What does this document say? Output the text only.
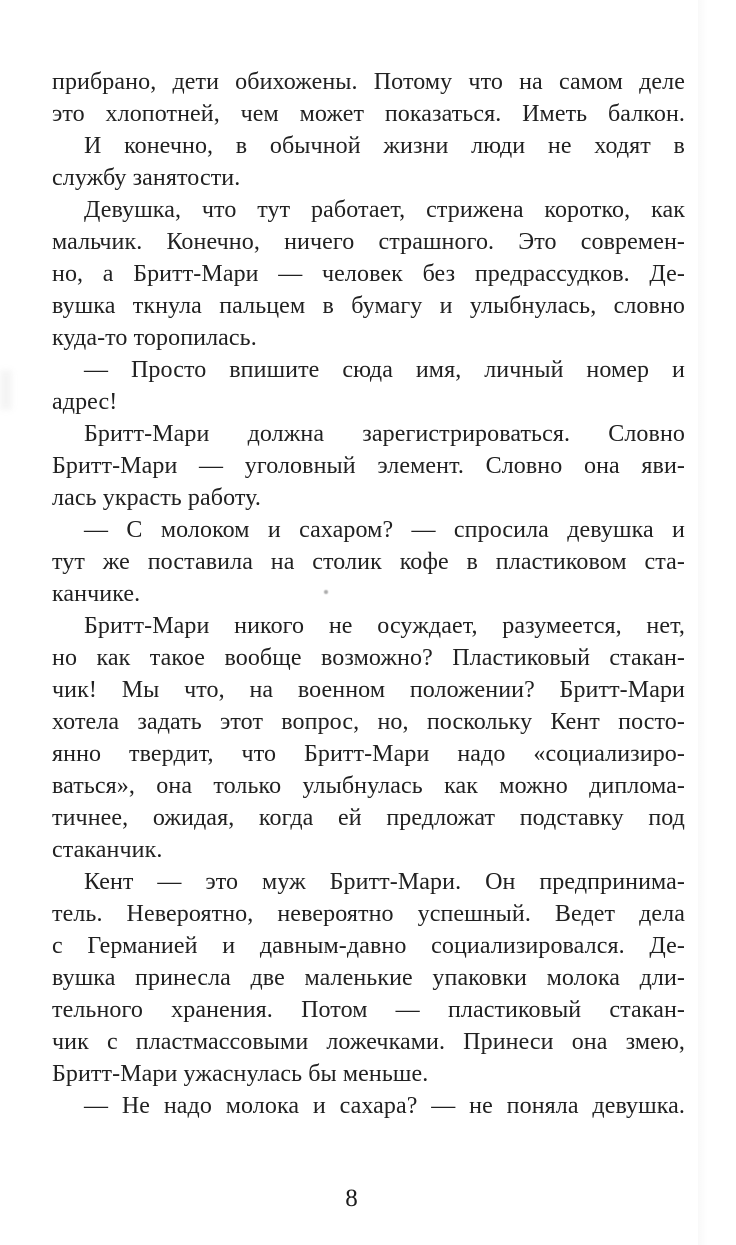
прибрано, дети обихожены. Потому что на самом деле
это хлопотней, чем может показаться. Иметь балкон.
И конечно, в обычной жизни люди не ходят в
службу занятости.
Девушка, что тут работает, стрижена коротко, как
мальчик. Конечно, ничего страшного. Это современ-
но, а Бритт-Мари — человек без предрассудков. Де-
вушка ткнула пальцем в бумагу и улыбнулась, словно
куда-то торопилась.
— Просто впишите сюда имя, личный номер и
адрес!
Бритт-Мари должна зарегистрироваться. Словно
Бритт-Мари — уголовный элемент. Словно она яви-
лась украсть работу.
— С молоком и сахаром? — спросила девушка и
тут же поставила на столик кофе в пластиковом ста-
канчике.
Бритт-Мари никого не осуждает, разумеется, нет,
но как такое вообще возможно? Пластиковый стакан-
чик! Мы что, на военном положении? Бритт-Мари
хотела задать этот вопрос, но, поскольку Кент посто-
янно твердит, что Бритт-Мари надо «социализиро-
ваться», она только улыбнулась как можно диплома-
тичнее, ожидая, когда ей предложат подставку под
стаканчик.
Кент — это муж Бритт-Мари. Он предпринима-
тель. Невероятно, невероятно успешный. Ведет дела
с Германией и давным-давно социализировался. Де-
вушка принесла две маленькие упаковки молока дли-
тельного хранения. Потом — пластиковый стакан-
чик с пластмассовыми ложечками. Принеси она змею,
Бритт-Мари ужаснулась бы меньше.
— Не надо молока и сахара? — не поняла девушка.
8
